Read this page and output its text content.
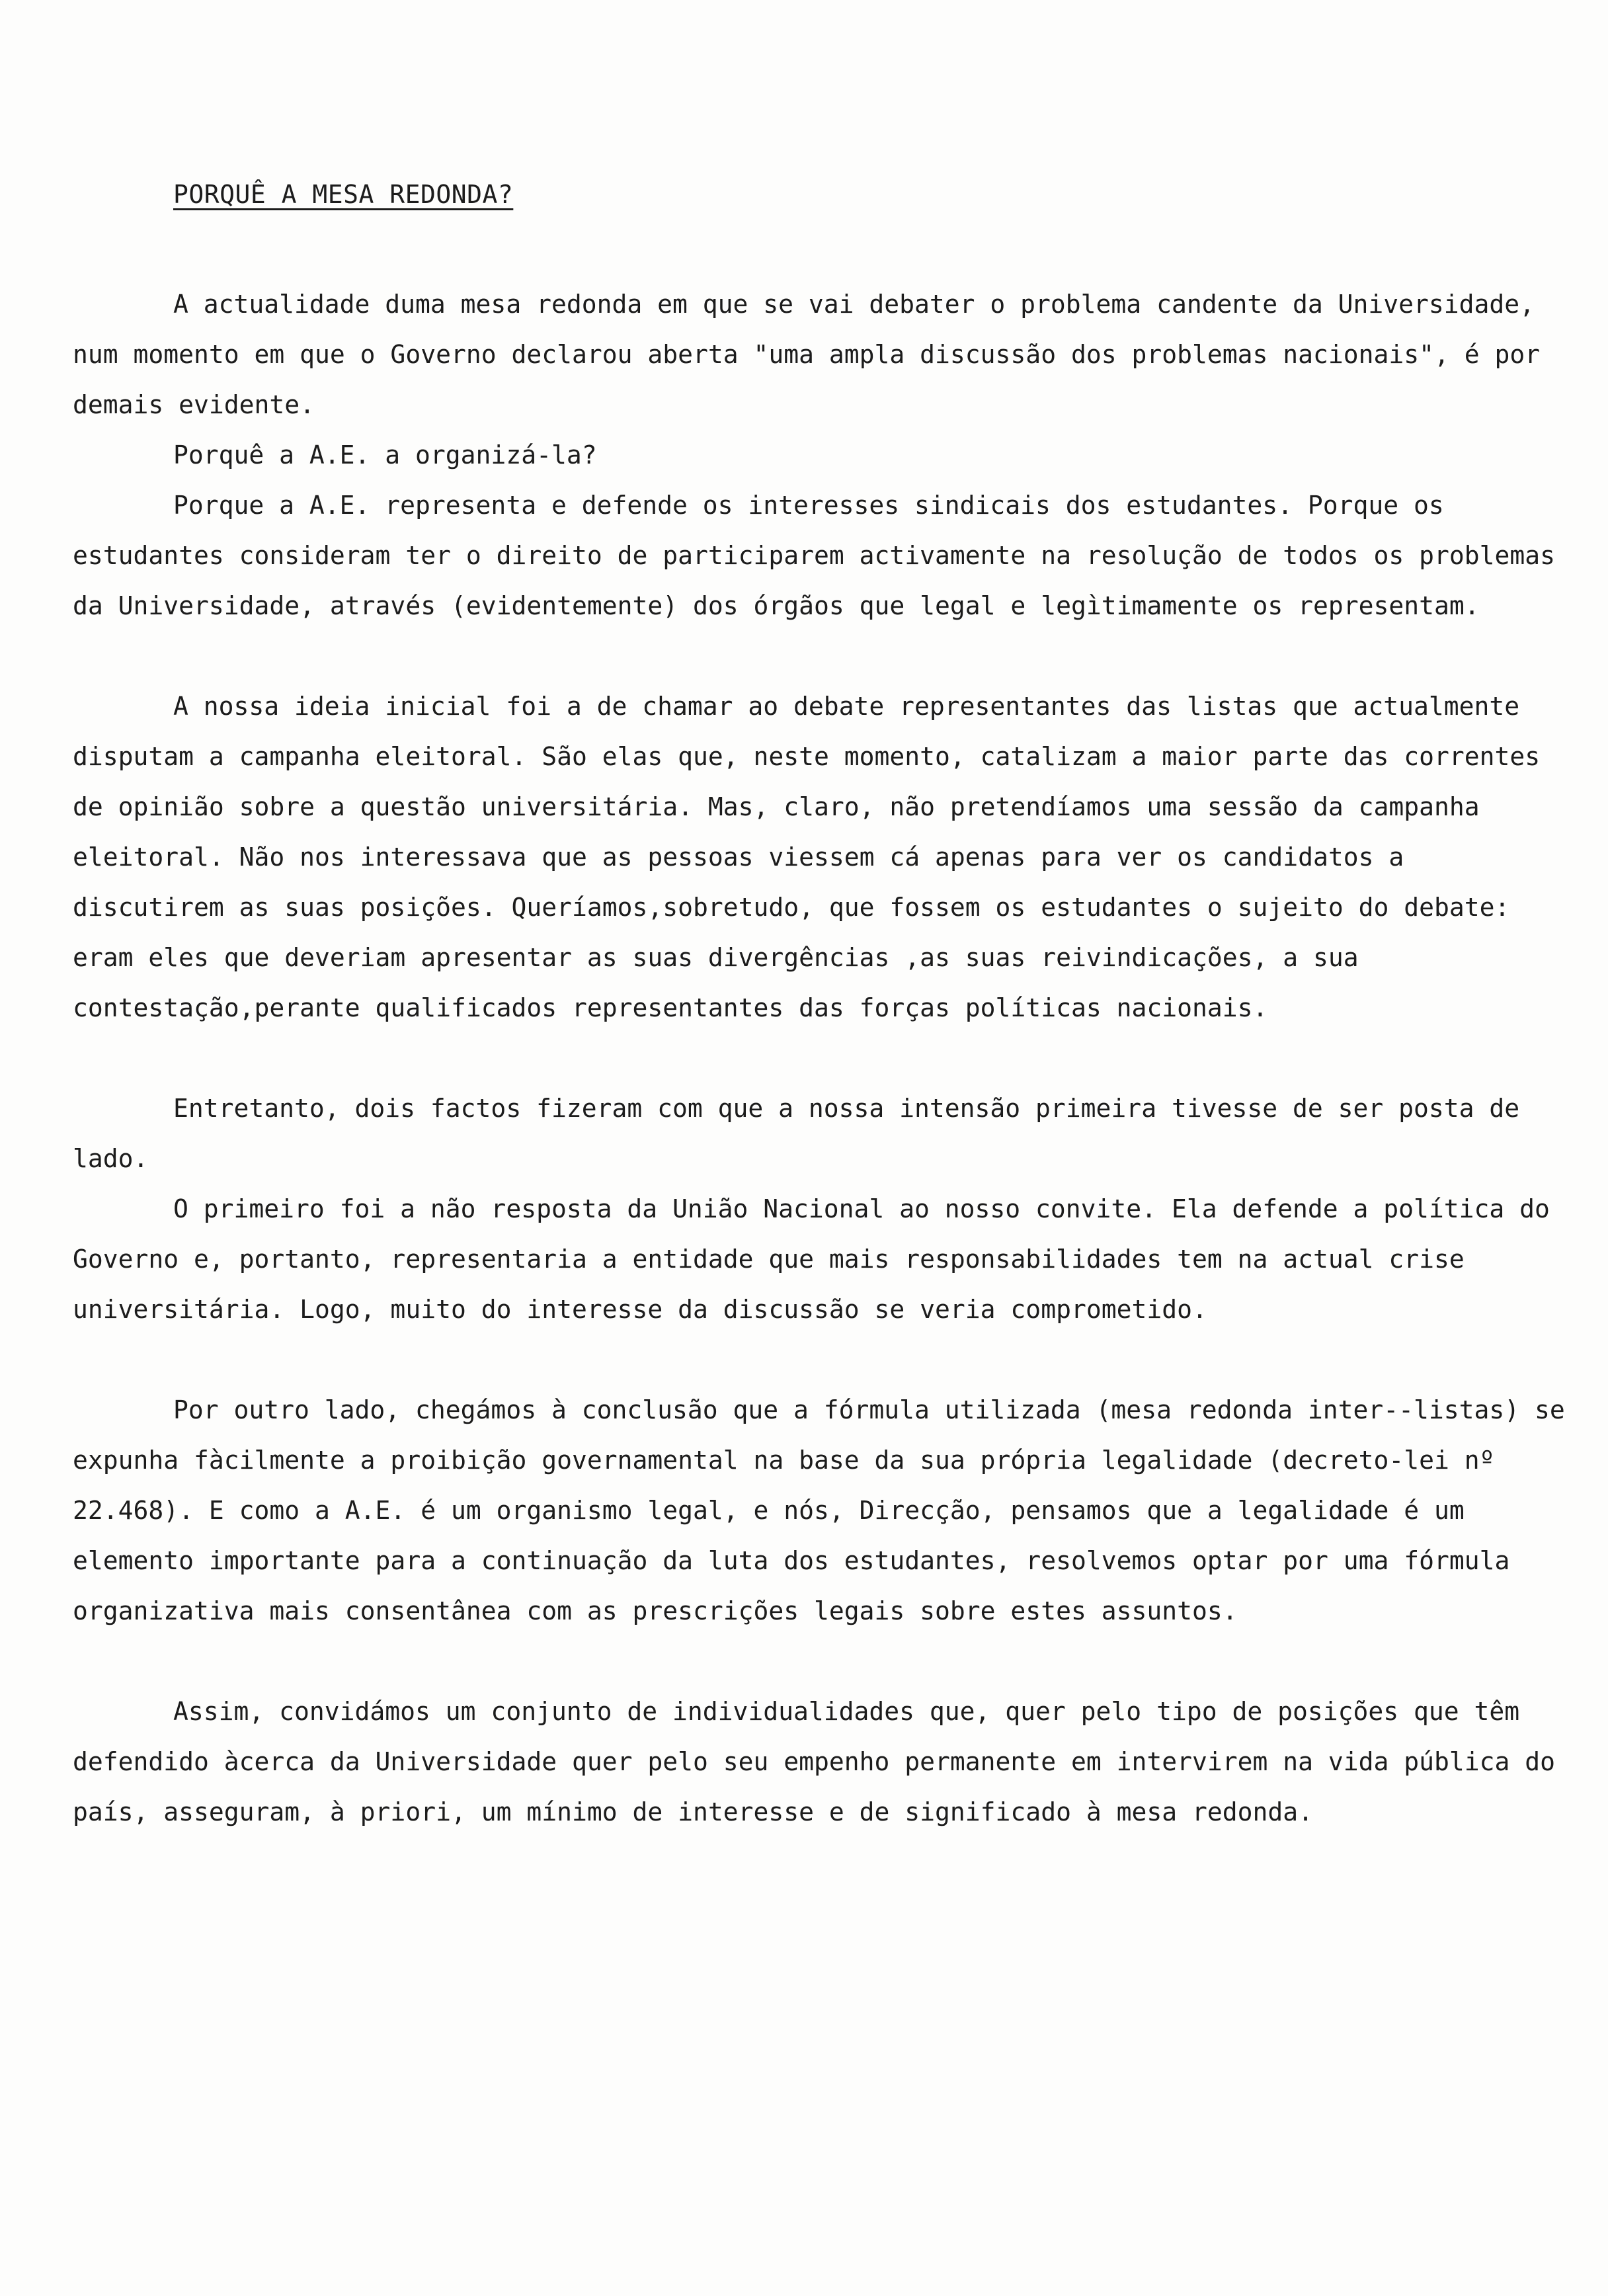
PORQUÊ A MESA REDONDA?

A actualidade duma mesa redonda em que se vai debater o problema candente da Universidade, num momento em que o Governo declarou aberta "uma ampla discussão dos problemas nacionais", é por demais evidente.

Porquê a A.E. a organizá-la?

Porque a A.E. representa e defende os interesses sindicais dos estudantes. Porque os estudantes consideram ter o direito de participarem activamente na resolução de todos os problemas da Universidade, através (evidentemente) dos órgãos que legal e legìtimamente os representam.

A nossa ideia inicial foi a de chamar ao debate representantes das listas que actualmente disputam a campanha eleitoral. São elas que, neste momento, catalizam a maior parte das correntes de opinião sobre a questão universitária. Mas, claro, não pretendíamos uma sessão da campanha eleitoral. Não nos interessava que as pessoas viessem cá apenas para ver os candidatos a discutirem as suas posições. Queríamos,sobretudo, que fossem os estudantes o sujeito do debate: eram eles que deveriam apresentar as suas divergências ,as suas reivindicações, a sua contestação,perante qualificados representantes das forças políticas nacionais.

Entretanto, dois factos fizeram com que a nossa intensão primeira tivesse de ser posta de lado.

O primeiro foi a não resposta da União Nacional ao nosso convite. Ela defende a política do Governo e, portanto, representaria a entidade que mais responsabilidades tem na actual crise universitária. Logo, muito do interesse da discussão se veria comprometido.

Por outro lado, chegámos à conclusão que a fórmula utilizada (mesa redonda inter--listas) se expunha fàcilmente a proibição governamental na base da sua própria legalidade (decreto-lei nº 22.468). E como a A.E. é um organismo legal, e nós, Direcção, pensamos que a legalidade é um elemento importante para a continuação da luta dos estudantes, resolvemos optar por uma fórmula organizativa mais consentânea com as prescrições legais sobre estes assuntos.

Assim, convidámos um conjunto de individualidades que, quer pelo tipo de posições que têm defendido àcerca da Universidade quer pelo seu empenho permanente em intervirem na vida pública do país, asseguram, à priori, um mínimo de interesse e de significado à mesa redonda.
